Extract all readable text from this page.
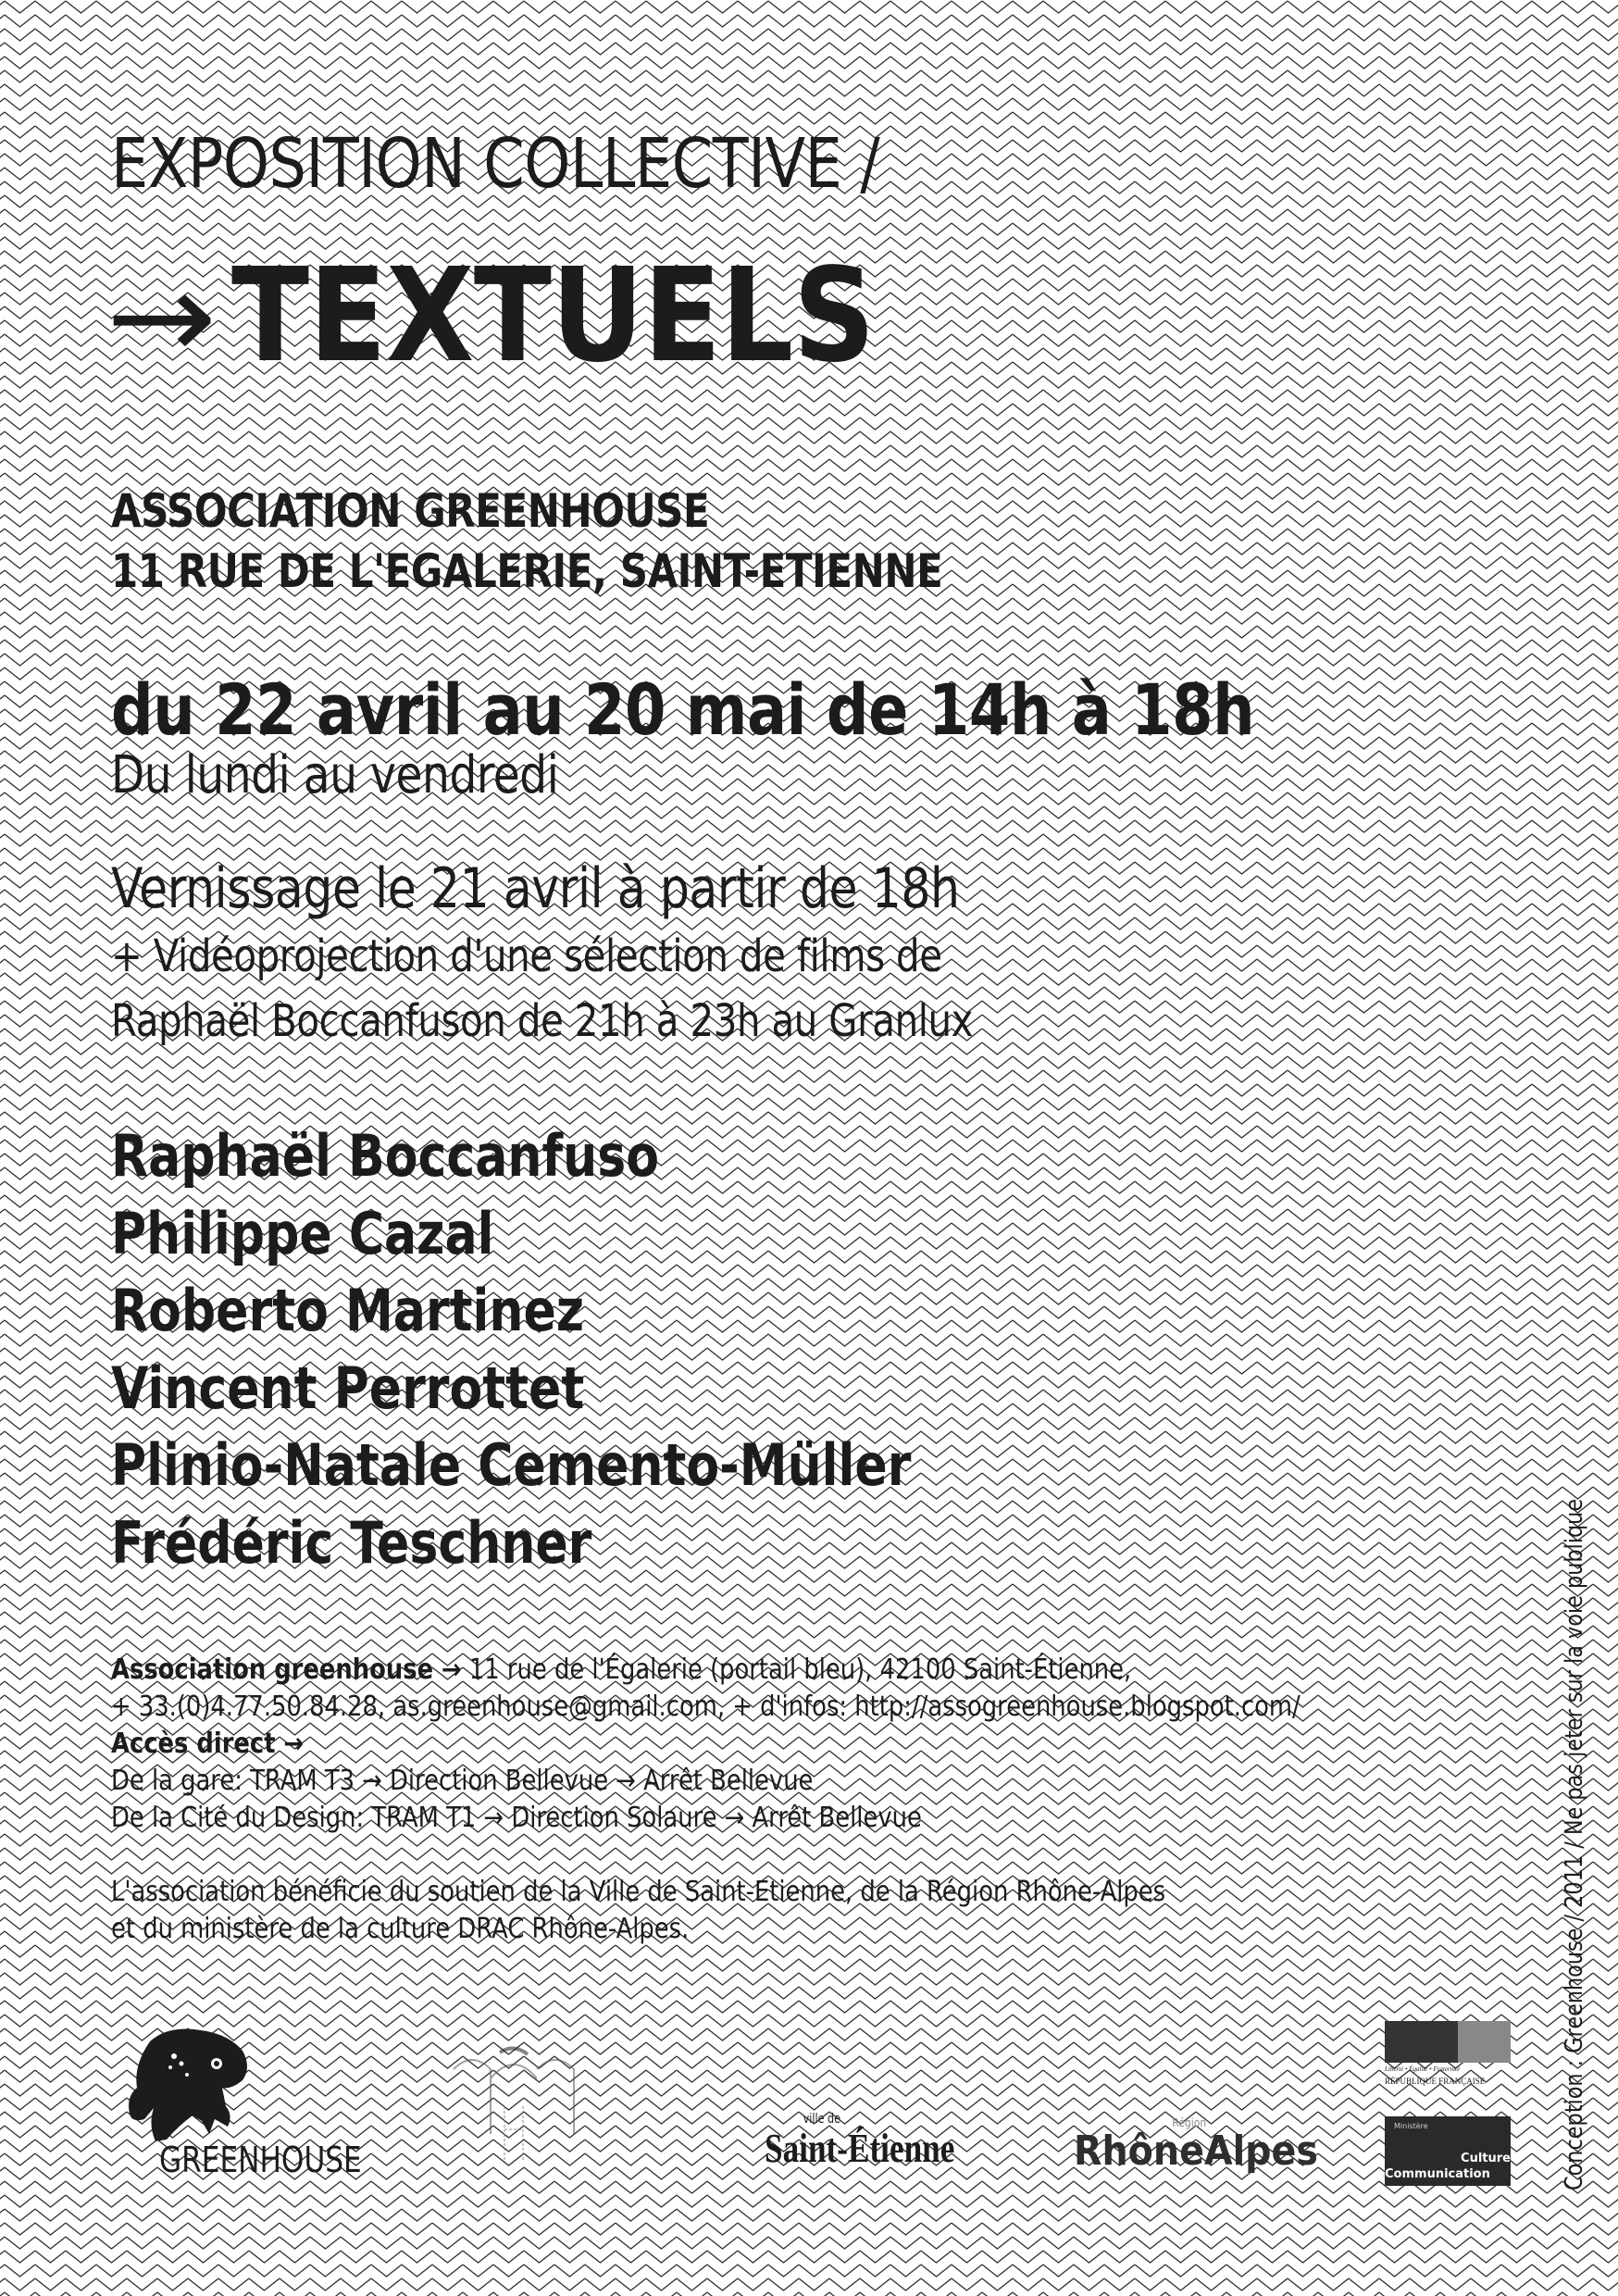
EXPOSITION COLLECTIVE /
→ TEXTUELS
ASSOCIATION GREENHOUSE
11 RUE DE L'EGALERIE, SAINT-ETIENNE
du 22 avril au 20 mai de 14h à 18h
Du lundi au vendredi
Vernissage le 21 avril à partir de 18h
+ Vidéoprojection d'une sélection de films de
Raphaël Boccanfuson de 21h à 23h au Granlux
Raphaël Boccanfuso
Philippe Cazal
Roberto Martinez
Vincent Perrottet
Plinio-Natale Cemento-Müller
Frédéric Teschner
Association greenhouse → 11 rue de l'Égalerie (portail bleu), 42100 Saint-Étienne,
+ 33.(0)4.77.50.84.28, as.greenhouse@gmail.com, + d'infos: http://assogreenhouse.blogspot.com/
Accès direct →
De la gare: TRAM T3 → Direction Bellevue → Arrêt Bellevue
De la Cité du Design: TRAM T1 → Direction Solaure → Arrêt Bellevue
L'association bénéficie du soutien de la Ville de Saint-Etienne, de la Région Rhône-Alpes
et du ministère de la culture DRAC Rhône-Alpes.	Conception : Greenhouse / 2011 / Ne pas jeter sur la voie publique
GREENHOUSE
ville de
Saint-Étienne
Région
RhôneAlpes
Liberté • Égalité • Fraternité
RÉPUBLIQUE FRANÇAISE
Ministère
Culture
Communication
